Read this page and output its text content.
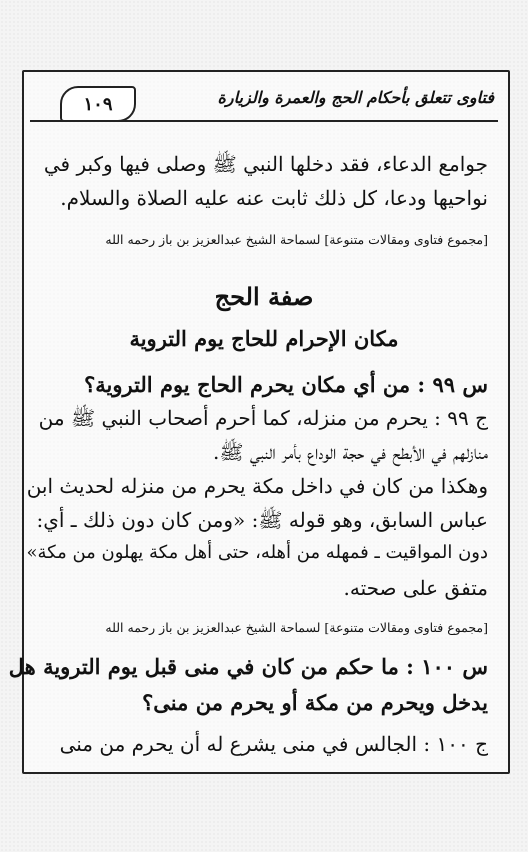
١٠٩	فتاوى تتعلق بأحكام الحج والعمرة والزيارة
جوامع الدعاء، فقد دخلها النبي ﷺ وصلى فيها وكبر في
نواحيها ودعا، كل ذلك ثابت عنه عليه الصلاة والسلام.
[مجموع فتاوى ومقالات متنوعة] لسماحة الشيخ عبدالعزيز بن باز رحمه الله
صفة الحج
مكان الإحرام للحاج يوم التروية
س ٩٩ : من أي مكان يحرم الحاج يوم التروية؟
ج ٩٩ : يحرم من منزله، كما أحرم أصحاب النبي ﷺ من
منازلهم في الأبطح في حجة الوداع بأمر النبي ﷺ.
وهكذا من كان في داخل مكة يحرم من منزله لحديث ابن
عباس السابق، وهو قوله ﷺ: «ومن كان دون ذلك ـ أي:
دون المواقيت ـ فمهله من أهله، حتى أهل مكة يهلون من مكة»
متفق على صحته.
[مجموع فتاوى ومقالات متنوعة] لسماحة الشيخ عبدالعزيز بن باز رحمه الله
س ١٠٠ : ما حكم من كان في منى قبل يوم التروية هل
يدخل ويحرم من مكة أو يحرم من منى؟
ج ١٠٠ : الجالس في منى يشرع له أن يحرم من منى
